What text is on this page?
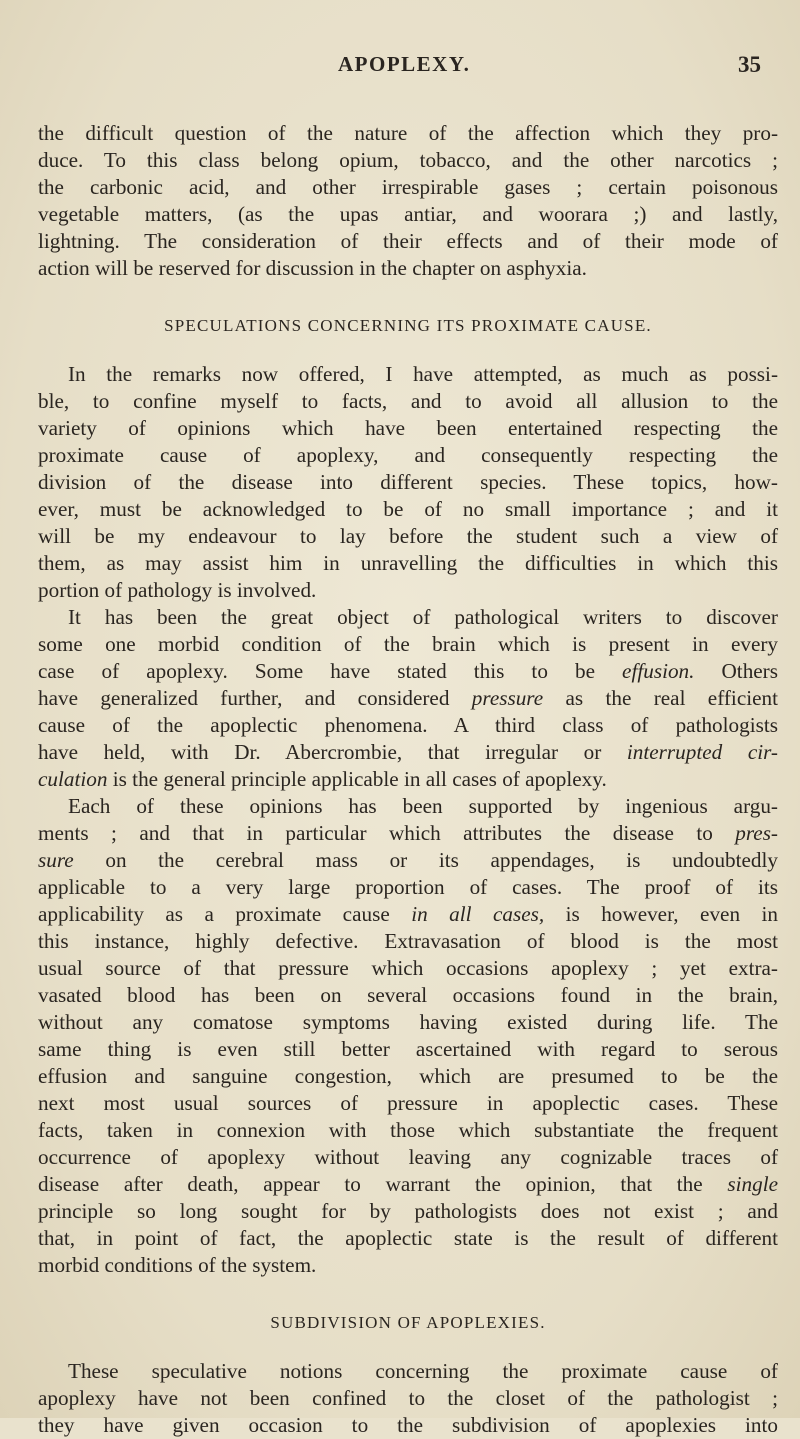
APOPLEXY.	35
the difficult question of the nature of the affection which they pro-
duce. To this class belong opium, tobacco, and the other narcotics ;
the carbonic acid, and other irrespirable gases ; certain poisonous
vegetable matters, (as the upas antiar, and woorara ;) and lastly,
lightning. The consideration of their effects and of their mode of
action will be reserved for discussion in the chapter on asphyxia.
SPECULATIONS CONCERNING ITS PROXIMATE CAUSE.
In the remarks now offered, I have attempted, as much as possi-
ble, to confine myself to facts, and to avoid all allusion to the
variety of opinions which have been entertained respecting the
proximate cause of apoplexy, and consequently respecting the
division of the disease into different species. These topics, how-
ever, must be acknowledged to be of no small importance ; and it
will be my endeavour to lay before the student such a view of
them, as may assist him in unravelling the difficulties in which this
portion of pathology is involved.
It has been the great object of pathological writers to discover
some one morbid condition of the brain which is present in every
case of apoplexy. Some have stated this to be effusion. Others
have generalized further, and considered pressure as the real efficient
cause of the apoplectic phenomena. A third class of pathologists
have held, with Dr. Abercrombie, that irregular or interrupted cir-
culation is the general principle applicable in all cases of apoplexy.
Each of these opinions has been supported by ingenious argu-
ments ; and that in particular which attributes the disease to pres-
sure on the cerebral mass or its appendages, is undoubtedly
applicable to a very large proportion of cases. The proof of its
applicability as a proximate cause in all cases, is however, even in
this instance, highly defective. Extravasation of blood is the most
usual source of that pressure which occasions apoplexy ; yet extra-
vasated blood has been on several occasions found in the brain,
without any comatose symptoms having existed during life. The
same thing is even still better ascertained with regard to serous
effusion and sanguine congestion, which are presumed to be the
next most usual sources of pressure in apoplectic cases. These
facts, taken in connexion with those which substantiate the frequent
occurrence of apoplexy without leaving any cognizable traces of
disease after death, appear to warrant the opinion, that the single
principle so long sought for by pathologists does not exist ; and
that, in point of fact, the apoplectic state is the result of different
morbid conditions of the system.
SUBDIVISION OF APOPLEXIES.
These speculative notions concerning the proximate cause of
apoplexy have not been confined to the closet of the pathologist ;
they have given occasion to the subdivision of apoplexies into
